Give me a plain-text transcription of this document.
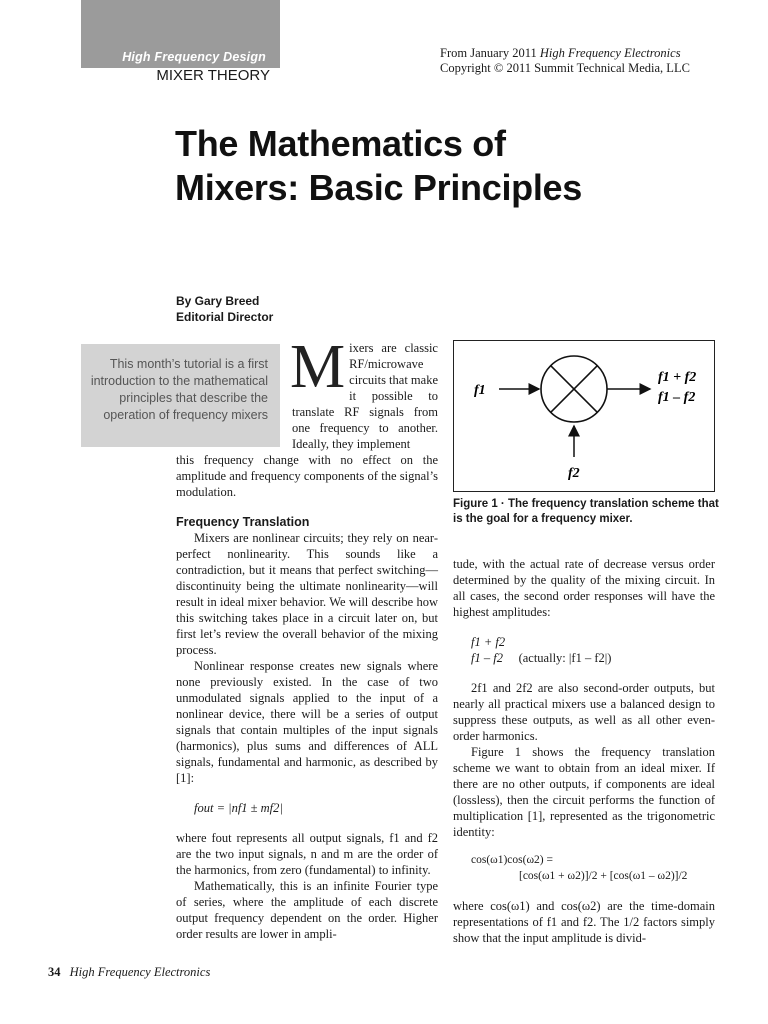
High Frequency Design
MIXER THEORY
From January 2011 High Frequency Electronics
Copyright © 2011 Summit Technical Media, LLC
The Mathematics of
Mixers: Basic Principles
By Gary Breed
Editorial Director
This month’s tutorial is a first introduction to the mathematical principles that describe the operation of frequency mixers
Mixers are classic RF/microwave circuits that make it possible to translate RF signals from one frequency to another. Ideally, they implement

this frequency change with no effect on the amplitude and frequency components of the signal’s modulation.

Frequency Translation

Mixers are nonlinear circuits; they rely on near-perfect nonlinearity. This sounds like a contradiction, but it means that perfect switching—discontinuity being the ultimate nonlinearity—will result in ideal mixer behavior. We will describe how this switching takes place in a circuit later on, but first let’s review the overall behavior of the mixing process.

Nonlinear response creates new signals where none previously existed. In the case of two unmodulated signals applied to the input of a nonlinear device, there will be a series of output signals that contain multiples of the input signals (harmonics), plus sums and differences of ALL signals, fundamental and harmonic, as described by [1]:

fout = |nf1 ± mf2|

where fout represents all output signals, f1 and f2 are the two input signals, n and m are the order of the harmonics, from zero (fundamental) to infinity.

Mathematically, this is an infinite Fourier type of series, where the amplitude of each discrete output frequency dependent on the order. Higher order results are lower in ampli-

f1
f1 + f2
f1 – f2
f2
Figure 1 · The frequency translation scheme that is the goal for a frequency mixer.

tude, with the actual rate of decrease versus order determined by the quality of the mixing circuit. In all cases, the second order responses will have the highest amplitudes:

f1 + f2
f1 – f2 (actually: |f1 – f2|)

2f1 and 2f2 are also second-order outputs, but nearly all practical mixers use a balanced design to suppress these outputs, as well as all other even-order harmonics.

Figure 1 shows the frequency translation scheme we want to obtain from an ideal mixer. If there are no other outputs, if components are ideal (lossless), then the circuit performs the function of multiplication [1], represented as the trigonometric identity:

cos(ω1)cos(ω2) =
[cos(ω1 + ω2)]/2 + [cos(ω1 – ω2)]/2

where cos(ω1) and cos(ω2) are the time-domain representations of f1 and f2. The 1/2 factors simply show that the input amplitude is divid-

34 High Frequency Electronics
